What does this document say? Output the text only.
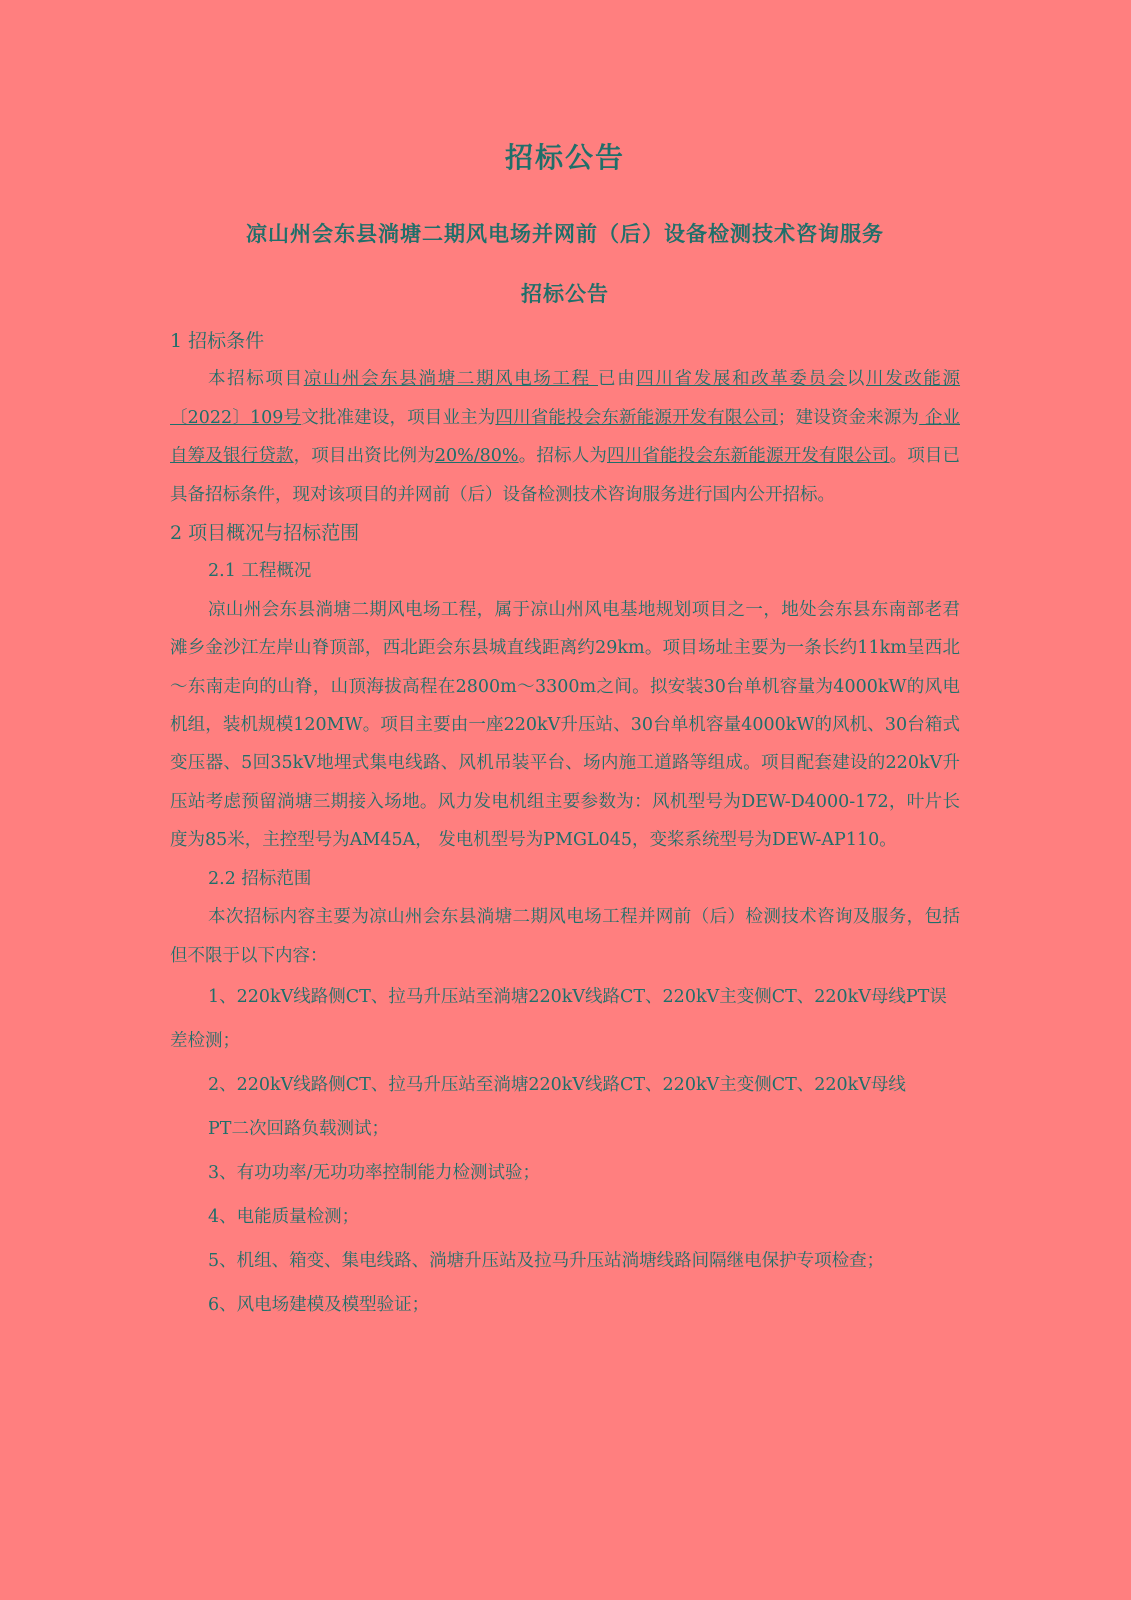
招标公告
凉山州会东县淌塘二期风电场并网前（后）设备检测技术咨询服务
招标公告

1 招标条件

本招标项目凉山州会东县淌塘二期风电场工程 已由四川省发展和改革委员会以川发改能源〔2022〕109号文批准建设，项目业主为四川省能投会东新能源开发有限公司；建设资金来源为 企业自筹及银行贷款，项目出资比例为20%/80%。招标人为四川省能投会东新能源开发有限公司。项目已具备招标条件，现对该项目的并网前（后）设备检测技术咨询服务进行国内公开招标。

2 项目概况与招标范围

2.1 工程概况

凉山州会东县淌塘二期风电场工程，属于凉山州风电基地规划项目之一，地处会东县东南部老君滩乡金沙江左岸山脊顶部，西北距会东县城直线距离约29km。项目场址主要为一条长约11km呈西北～东南走向的山脊，山顶海拔高程在2800m～3300m之间。拟安装30台单机容量为4000kW的风电机组，装机规模120MW。项目主要由一座220kV升压站、30台单机容量4000kW的风机、30台箱式变压器、5回35kV地埋式集电线路、风机吊装平台、场内施工道路等组成。项目配套建设的220kV升压站考虑预留淌塘三期接入场地。风力发电机组主要参数为：风机型号为DEW-D4000-172，叶片长度为85米，主控型号为AM45A， 发电机型号为PMGL045，变桨系统型号为DEW-AP110。

2.2 招标范围

本次招标内容主要为凉山州会东县淌塘二期风电场工程并网前（后）检测技术咨询及服务，包括但不限于以下内容：

1、220kV线路侧CT、拉马升压站至淌塘220kV线路CT、220kV主变侧CT、220kV母线PT误差检测；
2、220kV线路侧CT、拉马升压站至淌塘220kV线路CT、220kV主变侧CT、220kV母线
PT二次回路负载测试；
3、有功功率/无功功率控制能力检测试验；
4、电能质量检测；
5、机组、箱变、集电线路、淌塘升压站及拉马升压站淌塘线路间隔继电保护专项检查；
6、风电场建模及模型验证；
